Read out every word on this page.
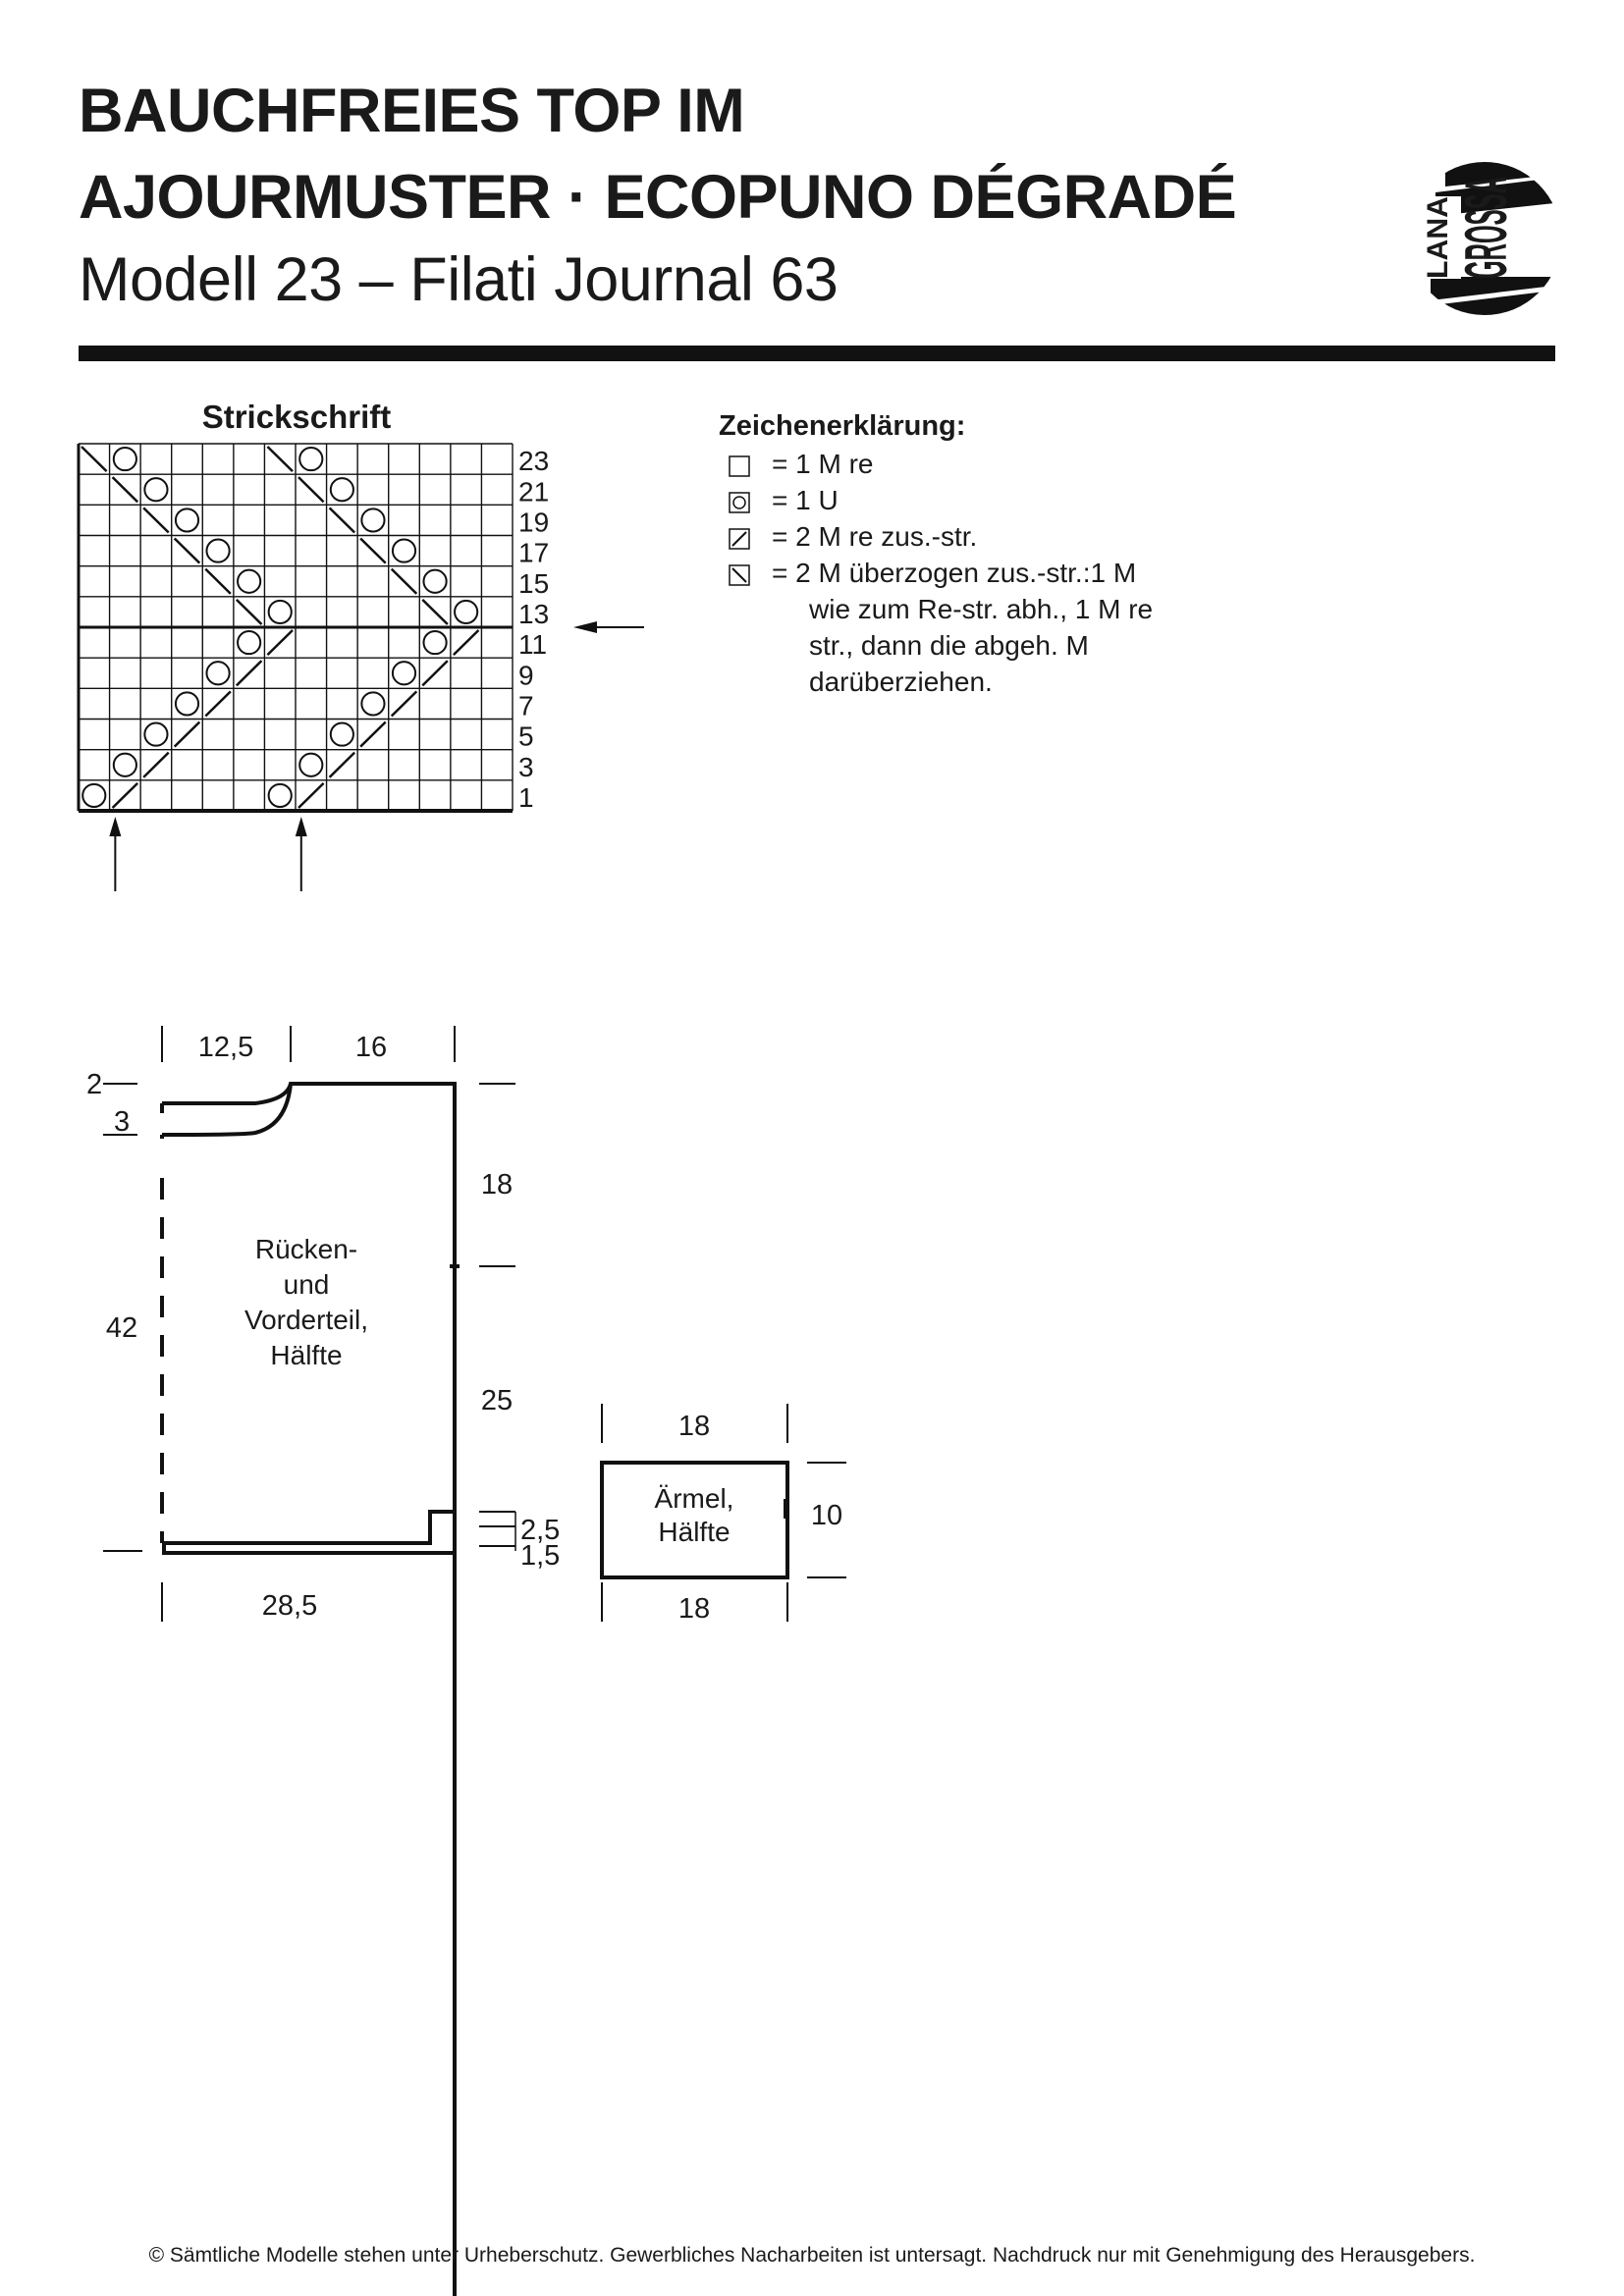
BAUCHFREIES TOP IM
AJOURMUSTER · ECOPUNO DÉGRADÉ
Modell 23 – Filati Journal 63
LANA GROSSA
Strickschrift
23
21
19
17
15
13
11
9
7
5
3
1
Zeichenerklärung:
= 1 M re
= 1 U
= 2 M re zus.-str.
= 2 M überzogen zus.-str.:1 M
wie zum Re-str. abh., 1 M re
str., dann die abgeh. M
darüberziehen.
12,5	16
2
3
42
18
25
2,5
1,5
28,5
Rücken-
und
Vorderteil,
Hälfte
18
10
18
Ärmel,
Hälfte
© Sämtliche Modelle stehen unter Urheberschutz. Gewerbliches Nacharbeiten ist untersagt. Nachdruck nur mit Genehmigung des Herausgebers.
